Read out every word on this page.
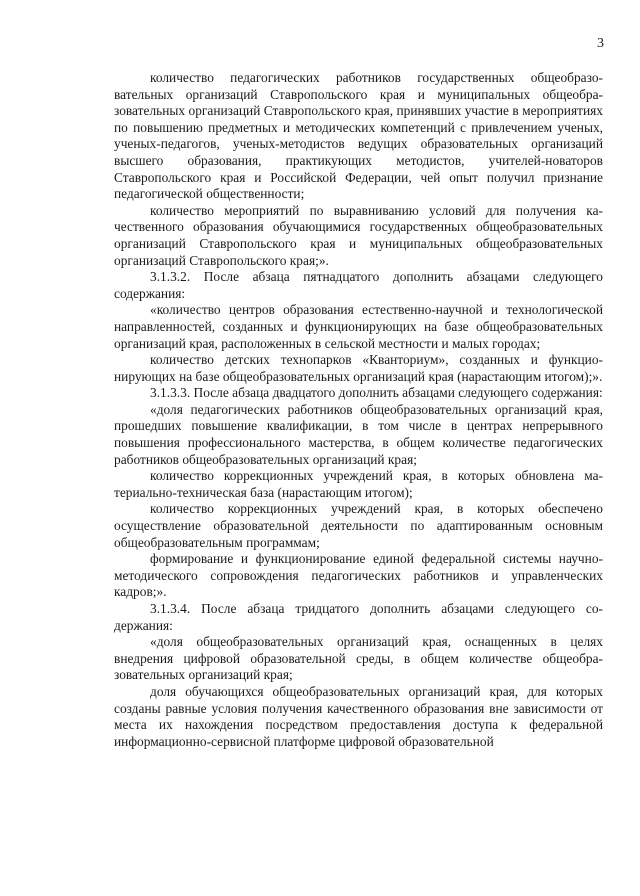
3

количество педагогических работников государственных общеобразовательных организаций Ставропольского края и муниципальных общеобразовательных организаций Ставропольского края, принявших участие в мероприятиях по повышению предметных и методических компетенций с привлечением ученых, ученых-педагогов, ученых-методистов ведущих образовательных организаций высшего образования, практикующих методистов, учителей-новаторов Ставропольского края и Российской Федерации, чей опыт получил признание педагогической общественности;

количество мероприятий по выравниванию условий для получения качественного образования обучающимися государственных общеобразовательных организаций Ставропольского края и муниципальных общеобразовательных организаций Ставропольского края;».

3.1.3.2. После абзаца пятнадцатого дополнить абзацами следующего содержания:

«количество центров образования естественно-научной и технологической направленностей, созданных и функционирующих на базе общеобразовательных организаций края, расположенных в сельской местности и малых городах;

количество детских технопарков «Кванториум», созданных и функционирующих на базе общеобразовательных организаций края (нарастающим итогом);».

3.1.3.3. После абзаца двадцатого дополнить абзацами следующего содержания:

«доля педагогических работников общеобразовательных организаций края, прошедших повышение квалификации, в том числе в центрах непрерывного повышения профессионального мастерства, в общем количестве педагогических работников общеобразовательных организаций края;

количество коррекционных учреждений края, в которых обновлена материально-техническая база (нарастающим итогом);

количество коррекционных учреждений края, в которых обеспечено осуществление образовательной деятельности по адаптированным основным общеобразовательным программам;

формирование и функционирование единой федеральной системы научно-методического сопровождения педагогических работников и управленческих кадров;».

3.1.3.4. После абзаца тридцатого дополнить абзацами следующего содержания:

«доля общеобразовательных организаций края, оснащенных в целях внедрения цифровой образовательной среды, в общем количестве общеобразовательных организаций края;

доля обучающихся общеобразовательных организаций края, для которых созданы равные условия получения качественного образования вне зависимости от места их нахождения посредством предоставления доступа к федеральной информационно-сервисной платформе цифровой образовательной
